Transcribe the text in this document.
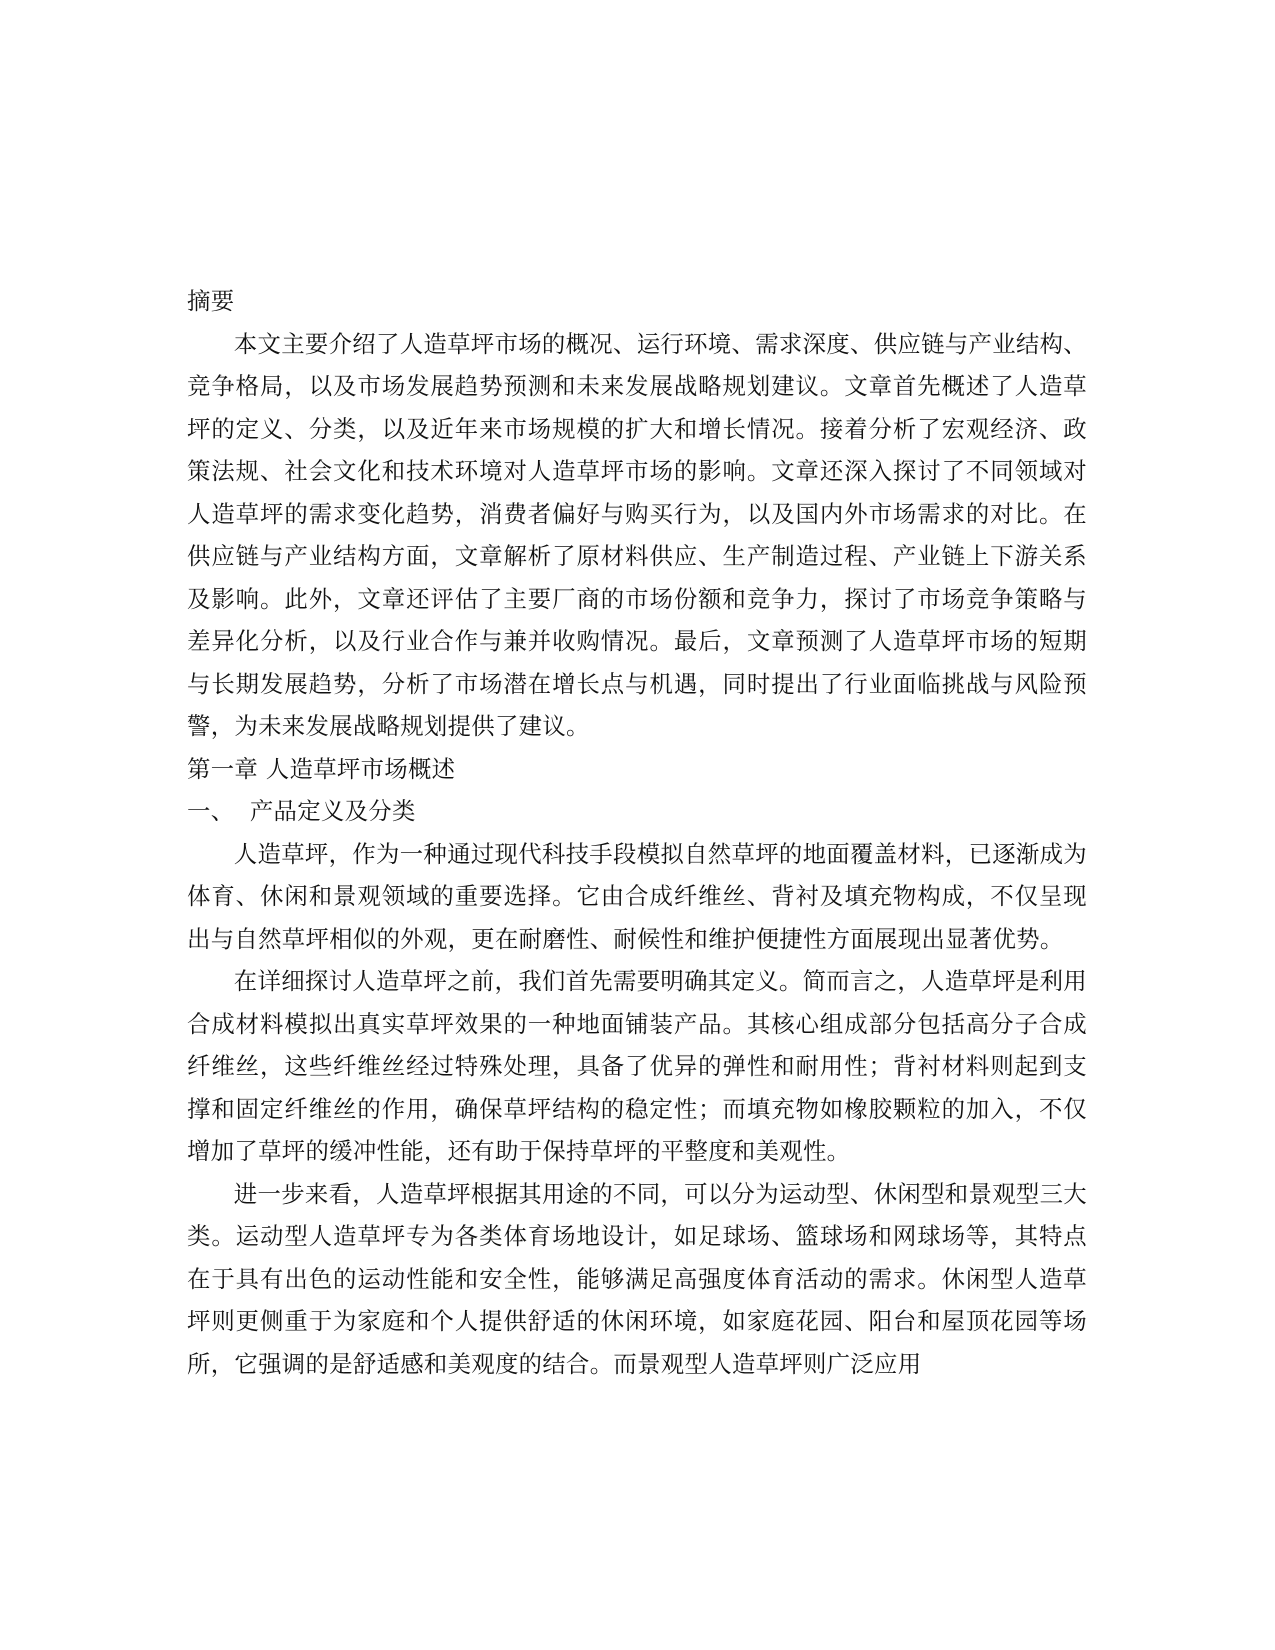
摘要

本文主要介绍了人造草坪市场的概况、运行环境、需求深度、供应链与产业结构、竞争格局，以及市场发展趋势预测和未来发展战略规划建议。文章首先概述了人造草坪的定义、分类，以及近年来市场规模的扩大和增长情况。接着分析了宏观经济、政策法规、社会文化和技术环境对人造草坪市场的影响。文章还深入探讨了不同领域对人造草坪的需求变化趋势，消费者偏好与购买行为，以及国内外市场需求的对比。在供应链与产业结构方面，文章解析了原材料供应、生产制造过程、产业链上下游关系及影响。此外，文章还评估了主要厂商的市场份额和竞争力，探讨了市场竞争策略与差异化分析，以及行业合作与兼并收购情况。最后，文章预测了人造草坪市场的短期与长期发展趋势，分析了市场潜在增长点与机遇，同时提出了行业面临挑战与风险预警，为未来发展战略规划提供了建议。

第一章 人造草坪市场概述
一、  产品定义及分类

人造草坪，作为一种通过现代科技手段模拟自然草坪的地面覆盖材料，已逐渐成为体育、休闲和景观领域的重要选择。它由合成纤维丝、背衬及填充物构成，不仅呈现出与自然草坪相似的外观，更在耐磨性、耐候性和维护便捷性方面展现出显著优势。

在详细探讨人造草坪之前，我们首先需要明确其定义。简而言之，人造草坪是利用合成材料模拟出真实草坪效果的一种地面铺装产品。其核心组成部分包括高分子合成纤维丝，这些纤维丝经过特殊处理，具备了优异的弹性和耐用性；背衬材料则起到支撑和固定纤维丝的作用，确保草坪结构的稳定性；而填充物如橡胶颗粒的加入，不仅增加了草坪的缓冲性能，还有助于保持草坪的平整度和美观性。

进一步来看，人造草坪根据其用途的不同，可以分为运动型、休闲型和景观型三大类。运动型人造草坪专为各类体育场地设计，如足球场、篮球场和网球场等，其特点在于具有出色的运动性能和安全性，能够满足高强度体育活动的需求。休闲型人造草坪则更侧重于为家庭和个人提供舒适的休闲环境，如家庭花园、阳台和屋顶花园等场所，它强调的是舒适感和美观度的结合。而景观型人造草坪则广泛应用
